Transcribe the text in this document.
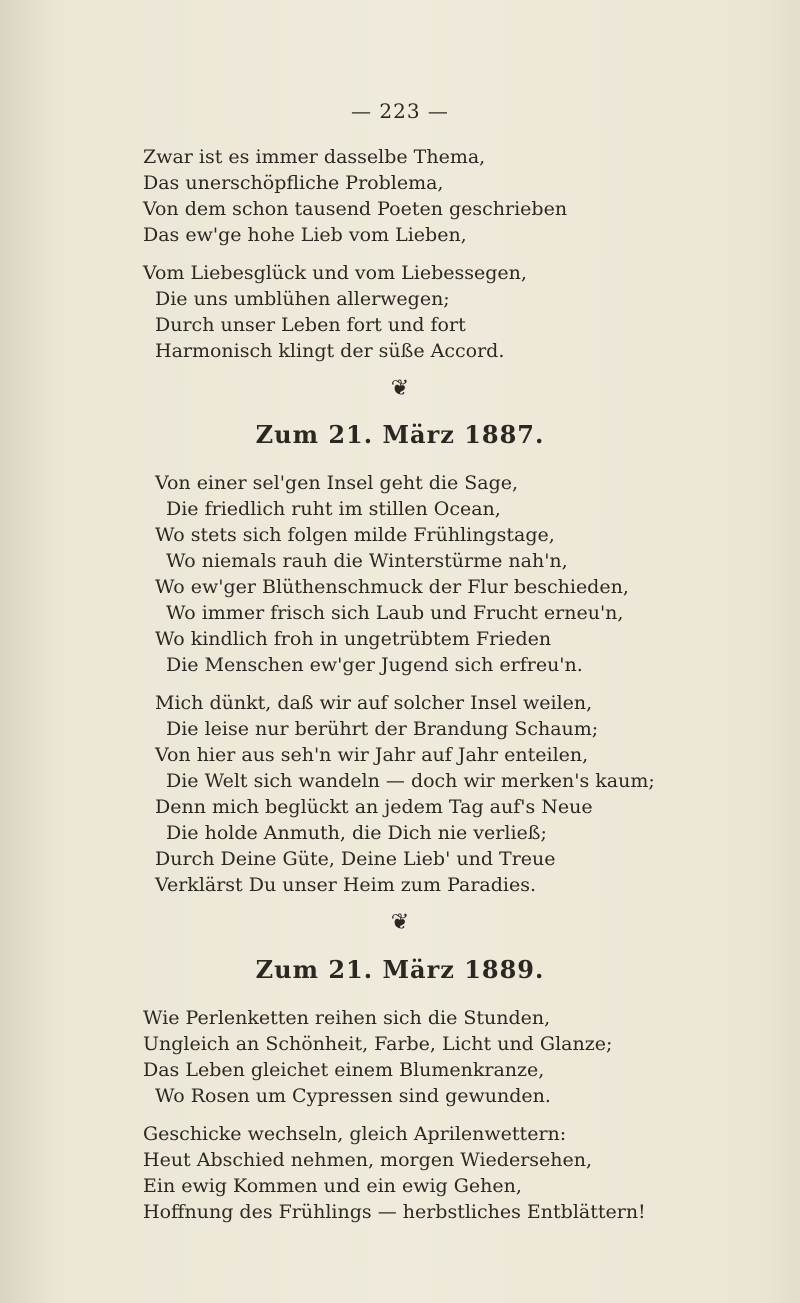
— 223 —
Zwar ist es immer dasselbe Thema,
Das unerschöpfliche Problema,
Von dem schon tausend Poeten geschrieben
Das ew'ge hohe Lieb vom Lieben,
Vom Liebesglück und vom Liebessegen,
Die uns umblühen allerwegen;
Durch unser Leben fort und fort
Harmonisch klingt der süße Accord.
❦
Zum 21. März 1887.
Von einer sel'gen Insel geht die Sage,
Die friedlich ruht im stillen Ocean,
Wo stets sich folgen milde Frühlingstage,
Wo niemals rauh die Winterstürme nah'n,
Wo ew'ger Blüthenschmuck der Flur beschieden,
Wo immer frisch sich Laub und Frucht erneu'n,
Wo kindlich froh in ungetrübtem Frieden
Die Menschen ew'ger Jugend sich erfreu'n.
Mich dünkt, daß wir auf solcher Insel weilen,
Die leise nur berührt der Brandung Schaum;
Von hier aus seh'n wir Jahr auf Jahr enteilen,
Die Welt sich wandeln — doch wir merken's kaum;
Denn mich beglückt an jedem Tag auf's Neue
Die holde Anmuth, die Dich nie verließ;
Durch Deine Güte, Deine Lieb' und Treue
Verklärst Du unser Heim zum Paradies.
❦
Zum 21. März 1889.
Wie Perlenketten reihen sich die Stunden,
Ungleich an Schönheit, Farbe, Licht und Glanze;
Das Leben gleichet einem Blumenkranze,
Wo Rosen um Cypressen sind gewunden.
Geschicke wechseln, gleich Aprilenwettern:
Heut Abschied nehmen, morgen Wiedersehen,
Ein ewig Kommen und ein ewig Gehen,
Hoffnung des Frühlings — herbstliches Entblättern!
